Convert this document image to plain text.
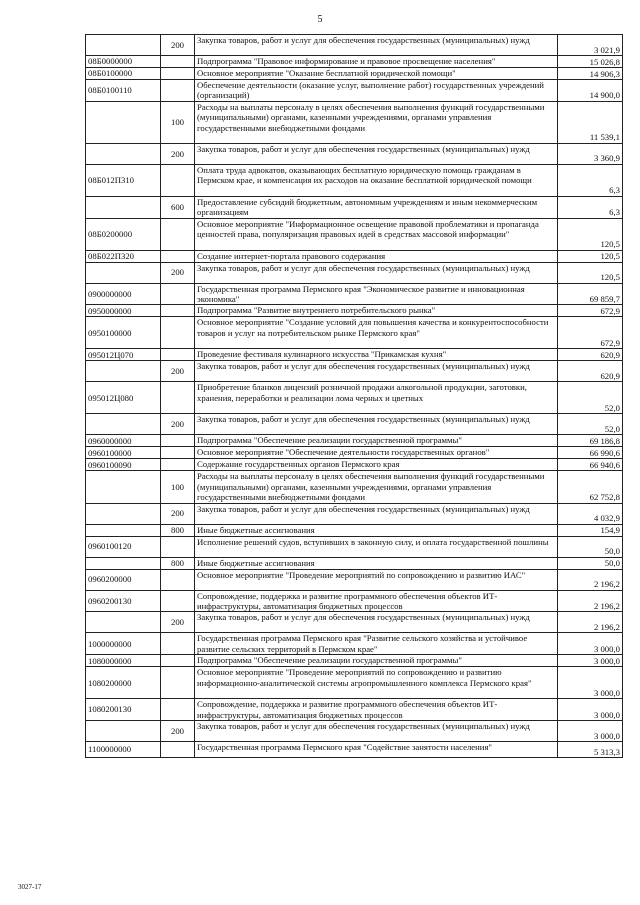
5
	200	Закупка товаров, работ и услуг для обеспечения государственных (муниципальных) нужд	3 021,9
08Б0000000		Подпрограмма "Правовое информирование и правовое просвещение населения"	15 026,8
08Б0100000		Основное мероприятие "Оказание бесплатной юридической помощи"	14 906,3
08Б0100110		Обеспечение деятельности (оказание услуг, выполнение работ) государственных учреждений (организаций)	14 900,0
	100	Расходы на выплаты персоналу в целях обеспечения выполнения функций государственными (муниципальными) органами, казенными учреждениями, органами управления государственными внебюджетными фондами	11 539,1
	200	Закупка товаров, работ и услуг для обеспечения государственных (муниципальных) нужд	3 360,9
08Б012П310		Оплата труда адвокатов, оказывающих бесплатную юридическую помощь гражданам в Пермском крае, и компенсация их расходов на оказание бесплатной юридической помощи	6,3
	600	Предоставление субсидий бюджетным, автономным учреждениям и иным некоммерческим организациям	6,3
08Б0200000		Основное мероприятие "Информационное освещение правовой проблематики и пропаганда ценностей права, популяризация правовых идей в средствах массовой информации"	120,5
08Б022П320		Создание интернет-портала правового содержания	120,5
	200	Закупка товаров, работ и услуг для обеспечения государственных (муниципальных) нужд	120,5
0900000000		Государственная программа Пермского края "Экономическое развитие и инновационная экономика"	69 859,7
0950000000		Подпрограмма "Развитие внутреннего потребительского рынка"	672,9
0950100000		Основное мероприятие "Создание условий для повышения качества и конкурентоспособности товаров и услуг на потребительском рынке Пермского края"	672,9
095012Ц070		Проведение фестиваля кулинарного искусства "Прикамская кухня"	620,9
	200	Закупка товаров, работ и услуг для обеспечения государственных (муниципальных) нужд	620,9
095012Ц080		Приобретение бланков лицензий розничной продажи алкогольной продукции, заготовки, хранения, переработки и реализации лома черных и цветных	52,0
	200	Закупка товаров, работ и услуг для обеспечения государственных (муниципальных) нужд	52,0
0960000000		Подпрограмма "Обеспечение реализации государственной программы"	69 186,8
0960100000		Основное мероприятие "Обеспечение деятельности государственных органов"	66 990,6
0960100090		Содержание государственных органов Пермского края	66 940,6
	100	Расходы на выплаты персоналу в целях обеспечения выполнения функций государственными (муниципальными) органами, казенными учреждениями, органами управления государственными внебюджетными фондами	62 752,8
	200	Закупка товаров, работ и услуг для обеспечения государственных (муниципальных) нужд	4 032,9
	800	Иные бюджетные ассигнования	154,9
0960100120		Исполнение решений судов, вступивших в законную силу, и оплата государственной пошлины	50,0
	800	Иные бюджетные ассигнования	50,0
0960200000		Основное мероприятие "Проведение мероприятий по сопровождению и развитию ИАС"	2 196,2
0960200130		Сопровождение, поддержка и развитие программного обеспечения объектов ИТ-инфраструктуры, автоматизация бюджетных процессов	2 196,2
	200	Закупка товаров, работ и услуг для обеспечения государственных (муниципальных) нужд	2 196,2
1000000000		Государственная программа Пермского края "Развитие сельского хозяйства и устойчивое развитие сельских территорий в Пермском крае"	3 000,0
1080000000		Подпрограмма "Обеспечение реализации государственной программы"	3 000,0
1080200000		Основное мероприятие "Проведение мероприятий по сопровождению и развитию информационно-аналитической системы агропромышленного комплекса Пермского края"	3 000,0
1080200130		Сопровождение, поддержка и развитие программного обеспечения объектов ИТ-инфраструктуры, автоматизация бюджетных процессов	3 000,0
	200	Закупка товаров, работ и услуг для обеспечения государственных (муниципальных) нужд	3 000,0
1100000000		Государственная программа Пермского края "Содействие занятости населения"	5 313,3
3027-17
